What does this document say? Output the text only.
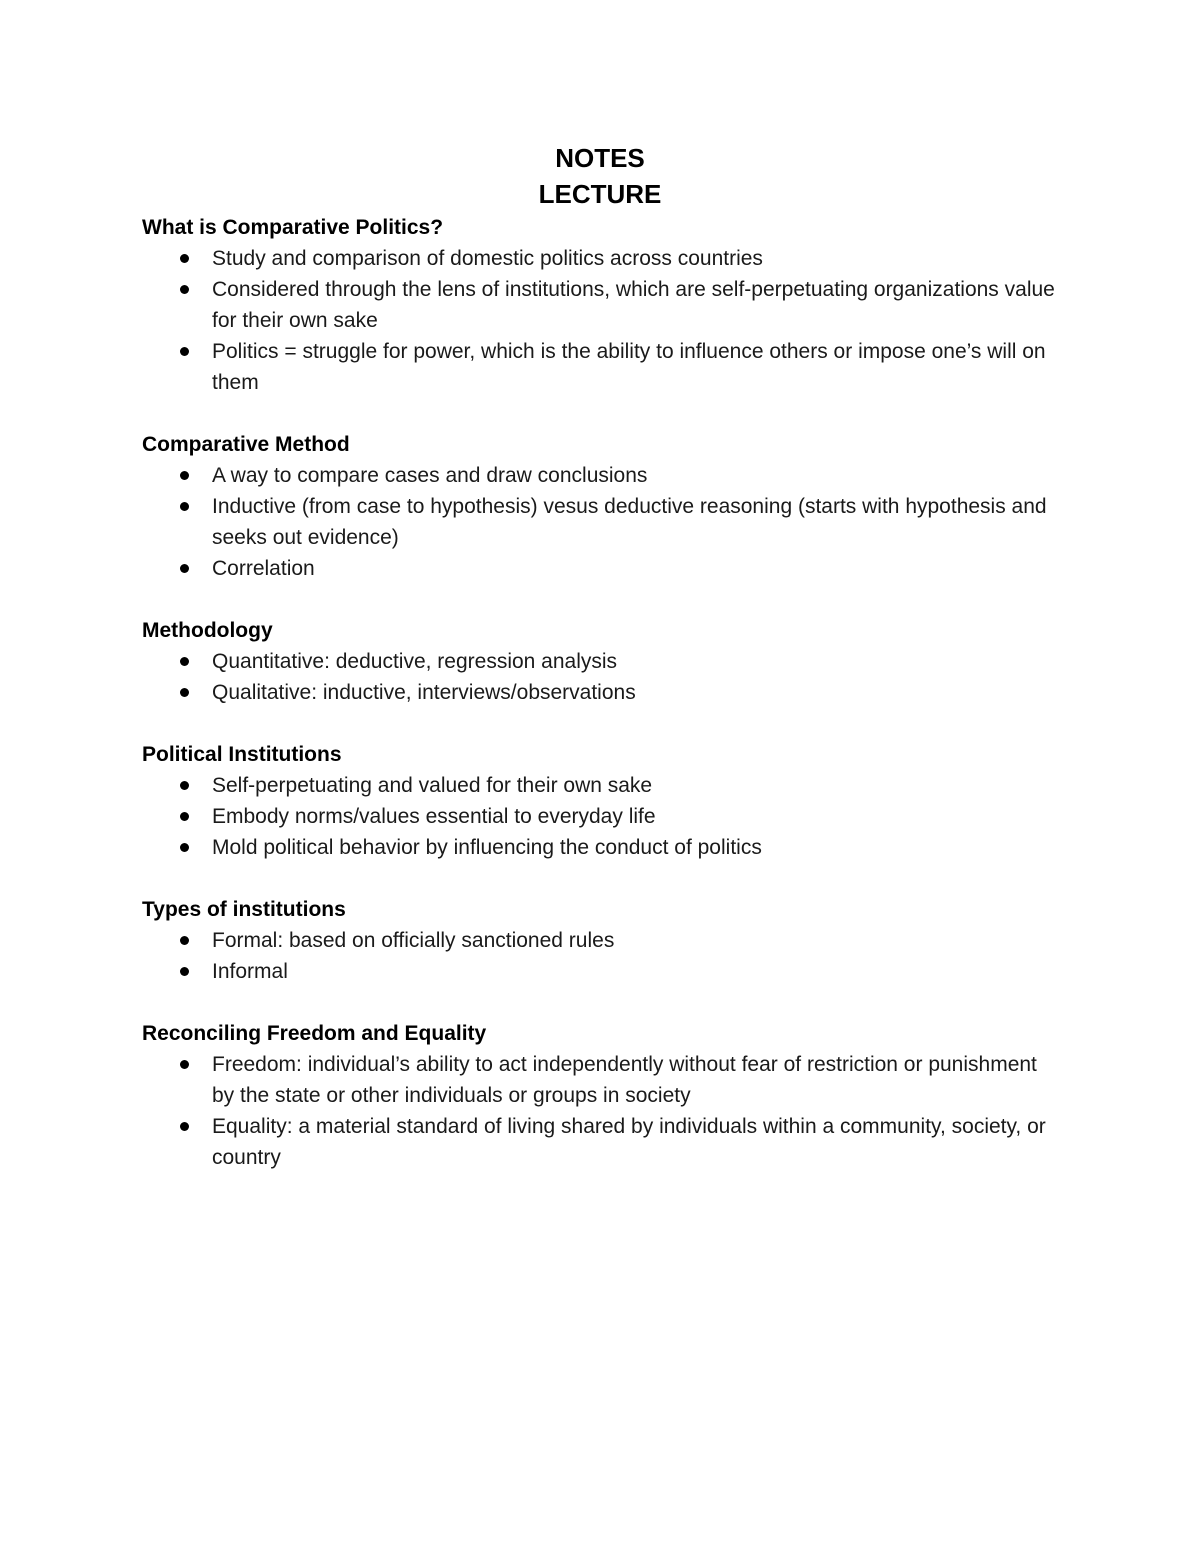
NOTES
LECTURE
What is Comparative Politics?
Study and comparison of domestic politics across countries
Considered through the lens of institutions, which are self-perpetuating organizations value for their own sake
Politics = struggle for power, which is the ability to influence others or impose one’s will on them
Comparative Method
A way to compare cases and draw conclusions
Inductive (from case to hypothesis) vesus deductive reasoning (starts with hypothesis and seeks out evidence)
Correlation
Methodology
Quantitative: deductive, regression analysis
Qualitative: inductive, interviews/observations
Political Institutions
Self-perpetuating and valued for their own sake
Embody norms/values essential to everyday life
Mold political behavior by influencing the conduct of politics
Types of institutions
Formal: based on officially sanctioned rules
Informal
Reconciling Freedom and Equality
Freedom: individual’s ability to act independently without fear of restriction or punishment by the state or other individuals or groups in society
Equality: a material standard of living shared by individuals within a community, society, or country
